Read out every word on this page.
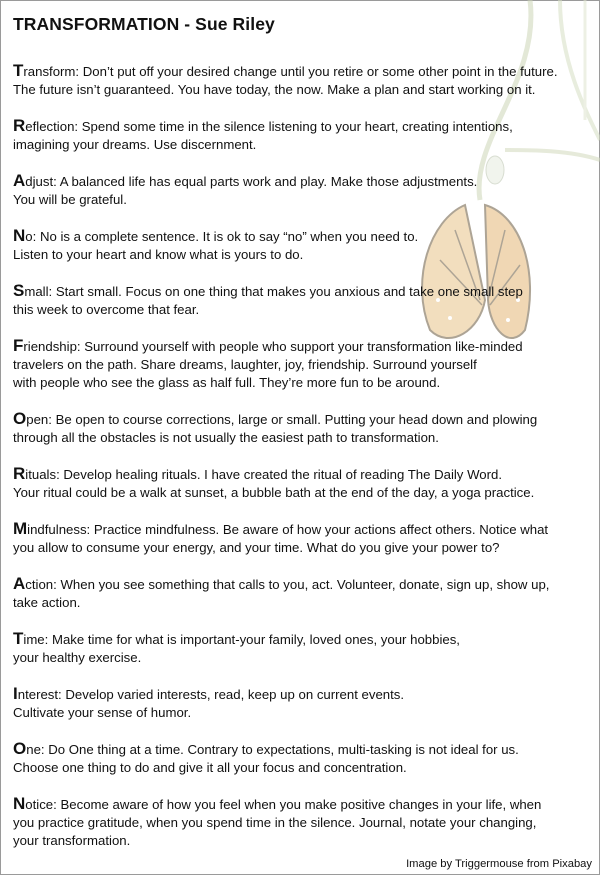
TRANSFORMATION - Sue Riley

Transform: Don’t put off your desired change until you retire or some other point in the future.
The future isn’t guaranteed. You have today, the now. Make a plan and start working on it.

Reflection: Spend some time in the silence listening to your heart, creating intentions,
imagining your dreams. Use discernment.

Adjust: A balanced life has equal parts work and play. Make those adjustments.
You will be grateful.

No: No is a complete sentence. It is ok to say “no” when you need to.
Listen to your heart and know what is yours to do.

Small: Start small. Focus on one thing that makes you anxious and take one small step
this week to overcome that fear.

Friendship: Surround yourself with people who support your transformation like-minded
travelers on the path. Share dreams, laughter, joy, friendship. Surround yourself
with people who see the glass as half full. They’re more fun to be around.

Open: Be open to course corrections, large or small. Putting your head down and plowing
through all the obstacles is not usually the easiest path to transformation.

Rituals: Develop healing rituals. I have created the ritual of reading The Daily Word.
Your ritual could be a walk at sunset, a bubble bath at the end of the day, a yoga practice.

Mindfulness: Practice mindfulness. Be aware of how your actions affect others. Notice what
you allow to consume your energy, and your time. What do you give your power to?

Action: When you see something that calls to you, act. Volunteer, donate, sign up, show up,
take action.

Time: Make time for what is important-your family, loved ones, your hobbies,
your healthy exercise.

Interest: Develop varied interests, read, keep up on current events.
Cultivate your sense of humor.

One: Do One thing at a time. Contrary to expectations, multi-tasking is not ideal for us.
Choose one thing to do and give it all your focus and concentration.

Notice: Become aware of how you feel when you make positive changes in your life, when
you practice gratitude, when you spend time in the silence. Journal, notate your changing,
your transformation.

Image by Triggermouse from Pixabay
